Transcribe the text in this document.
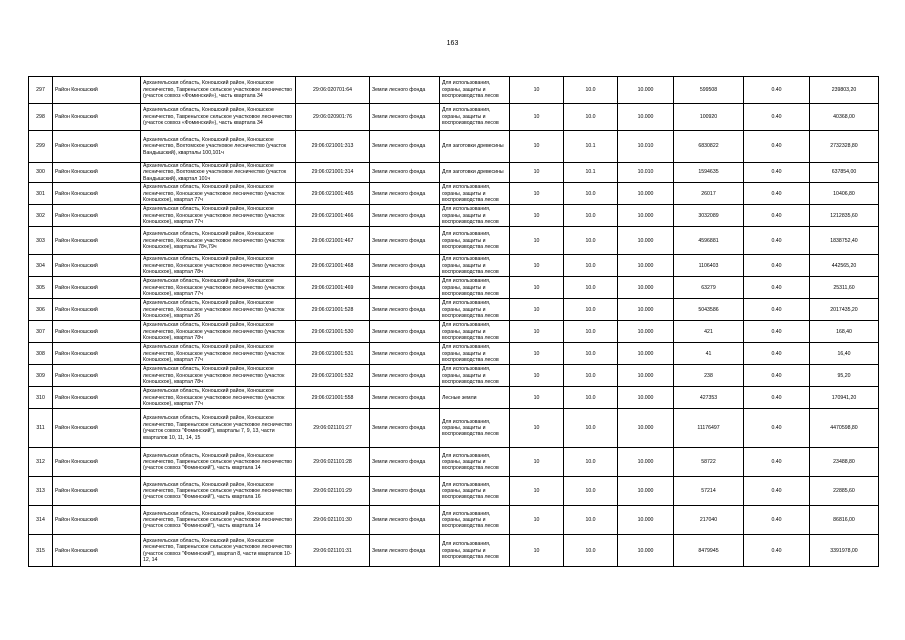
163
297	Район Коношский	Архангельская область, Коношский район, Коношское лесничество, Тавреньгское сельское участковое лесничество (участок совхоз «Фоминский»), часть квартала 34	29:06:020701:64	Земли лесного фонда	Для использования, охраны, защиты и воспроизводства лесов	10	10.0	10.000	599508	0.40	239803,20
298	Район Коношский	Архангельская область, Коношский район, Коношское лесничество, Тавреньгское сельское участковое лесничество (участок совхоз «Фоминский»), часть квартала 34	29:06:020901:76	Земли лесного фонда	Для использования, охраны, защиты и воспроизводства лесов	10	10.0	10.000	100920	0.40	40368,00
299	Район Коношский	Архангельская область, Коношский район, Коношское лесничество, Вохтомское участковое лесничество (участок Вандышский), кварталы 100,101ч	29:06:021001:313	Земли лесного фонда	Для заготовки древесины	10	10.1	10.010	6830822	0.40	2732328,80
300	Район Коношский	Архангельская область, Коношский район, Коношское лесничество, Вохтомское участковое лесничество (участок Вандышский), квартал 101ч	29:06:021001:314	Земли лесного фонда	Для заготовки древесины	10	10.1	10.010	1594635	0.40	637854,00
301	Район Коношский	Архангельская область, Коношский район, Коношское лесничество, Коношское участковое лесничество (участок Коношское), квартал 77ч	29:06:021001:465	Земли лесного фонда	Для использования, охраны, защиты и воспроизводства лесов	10	10.0	10.000	26017	0.40	10406,80
302	Район Коношский	Архангельская область, Коношский район, Коношское лесничество, Коношское участковое лесничество (участок Коношское), квартал 77ч	29:06:021001:466	Земли лесного фонда	Для использования, охраны, защиты и воспроизводства лесов	10	10.0	10.000	3032089	0.40	1212835,60
303	Район Коношский	Архангельская область, Коношский район, Коношское лесничество, Коношское участковое лесничество (участок Коношское), кварталы 78ч,79ч	29:06:021001:467	Земли лесного фонда	Для использования, охраны, защиты и воспроизводства лесов	10	10.0	10.000	4596881	0.40	1838752,40
304	Район Коношский	Архангельская область, Коношский район, Коношское лесничество, Коношское участковое лесничество (участок Коношское), квартал 78ч	29:06:021001:468	Земли лесного фонда	Для использования, охраны, защиты и воспроизводства лесов	10	10.0	10.000	1106403	0.40	442565,20
305	Район Коношский	Архангельская область, Коношский район, Коношское лесничество, Коношское участковое лесничество (участок Коношское), квартал 77ч	29:06:021001:469	Земли лесного фонда	Для использования, охраны, защиты и воспроизводства лесов	10	10.0	10.000	63279	0.40	25311,60
306	Район Коношский	Архангельская область, Коношский район, Коношское лесничество, Коношское участковое лесничество (участок Коношское), квартал 26	29:06:021001:528	Земли лесного фонда	Для использования, охраны, защиты и воспроизводства лесов	10	10.0	10.000	5043586	0.40	2017435,20
307	Район Коношский	Архангельская область, Коношский район, Коношское лесничество, Коношское участковое лесничество (участок Коношское), квартал 78ч	29:06:021001:530	Земли лесного фонда	Для использования, охраны, защиты и воспроизводства лесов	10	10.0	10.000	421	0.40	168,40
308	Район Коношский	Архангельская область, Коношский район, Коношское лесничество, Коношское участковое лесничество (участок Коношское), квартал 77ч	29:06:021001:531	Земли лесного фонда	Для использования, охраны, защиты и воспроизводства лесов	10	10.0	10.000	41	0.40	16,40
309	Район Коношский	Архангельская область, Коношский район, Коношское лесничество, Коношское участковое лесничество (участок Коношское), квартал 78ч	29:06:021001:532	Земли лесного фонда	Для использования, охраны, защиты и воспроизводства лесов	10	10.0	10.000	238	0.40	95,20
310	Район Коношский	Архангельская область, Коношский район, Коношское лесничество, Коношское участковое лесничество (участок Коношское), квартал 77ч	29:06:021001:558	Земли лесного фонда	Лесные земли	10	10.0	10.000	427353	0.40	170941,20
311	Район Коношский	Архангельская область, Коношский район, Коношское лесничество, Тавреньгское сельское участковое лесничество (участок совхоз "Фоминский"), кварталы 7, 9, 13, части кварталов 10, 11, 14, 15	29:06:021101:27	Земли лесного фонда	Для использования, охраны, защиты и воспроизводства лесов	10	10.0	10.000	11176497	0.40	4470598,80
312	Район Коношский	Архангельская область, Коношский район, Коношское лесничество, Тавреньгское сельское участковое лесничество (участок совхоз "Фоминский"), часть квартала 14	29:06:021101:28	Земли лесного фонда	Для использования, охраны, защиты и воспроизводства лесов	10	10.0	10.000	58722	0.40	23488,80
313	Район Коношский	Архангельская область, Коношский район, Коношское лесничество, Тавреньгское сельское участковое лесничество (участок совхоз "Фоминский"), часть квартала 16	29:06:021101:29	Земли лесного фонда	Для использования, охраны, защиты и воспроизводства лесов	10	10.0	10.000	57214	0.40	22885,60
314	Район Коношский	Архангельская область, Коношский район, Коношское лесничество, Тавреньгское сельское участковое лесничество (участок совхоз "Фоминский"), часть квартала 14	29:06:021101:30	Земли лесного фонда	Для использования, охраны, защиты и воспроизводства лесов	10	10.0	10.000	217040	0.40	86816,00
315	Район Коношский	Архангельская область, Коношский район, Коношское лесничество, Тавреньгское сельское участковое лесничество (участок совхоз "Фоминский"), квартал 8, части кварталов 10-12, 14	29:06:021101:31	Земли лесного фонда	Для использования, охраны, защиты и воспроизводства лесов	10	10.0	10.000	8479945	0.40	3391978,00
